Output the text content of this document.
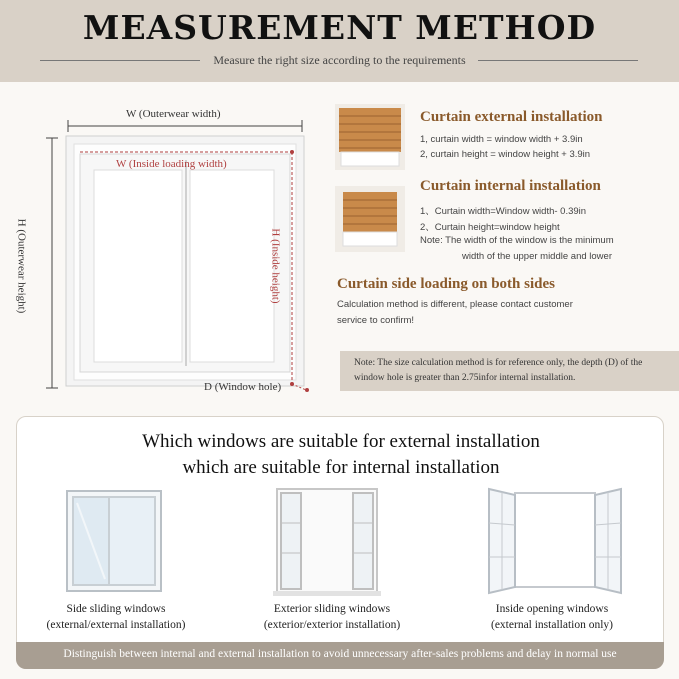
MEASUREMENT METHOD
Measure the right size according to the requirements
W (Outerwear width)
W (Inside loading width)
H (Outerwear height)	H (Inside height)
D (Window hole)
Curtain external installation
1, curtain width = window width + 3.9in
2, curtain height = window height + 3.9in
Curtain internal installation
1、Curtain width=Window width- 0.39in
2、Curtain height=window height
Note: The width of the window is the minimum
width of the upper middle and lower
Curtain side loading on both sides
Calculation method is different, please contact customer
service to confirm!
Note: The size calculation method is for reference only, the depth (D) of the
window hole is greater than 2.75infor internal installation.
Which windows are suitable for external installation
which are suitable for internal installation
Side sliding windows
(external/external installation)
Exterior sliding windows
(exterior/exterior installation)
Inside opening windows
(external installation only)
Distinguish between internal and external installation to avoid unnecessary after-sales problems and delay in normal use
